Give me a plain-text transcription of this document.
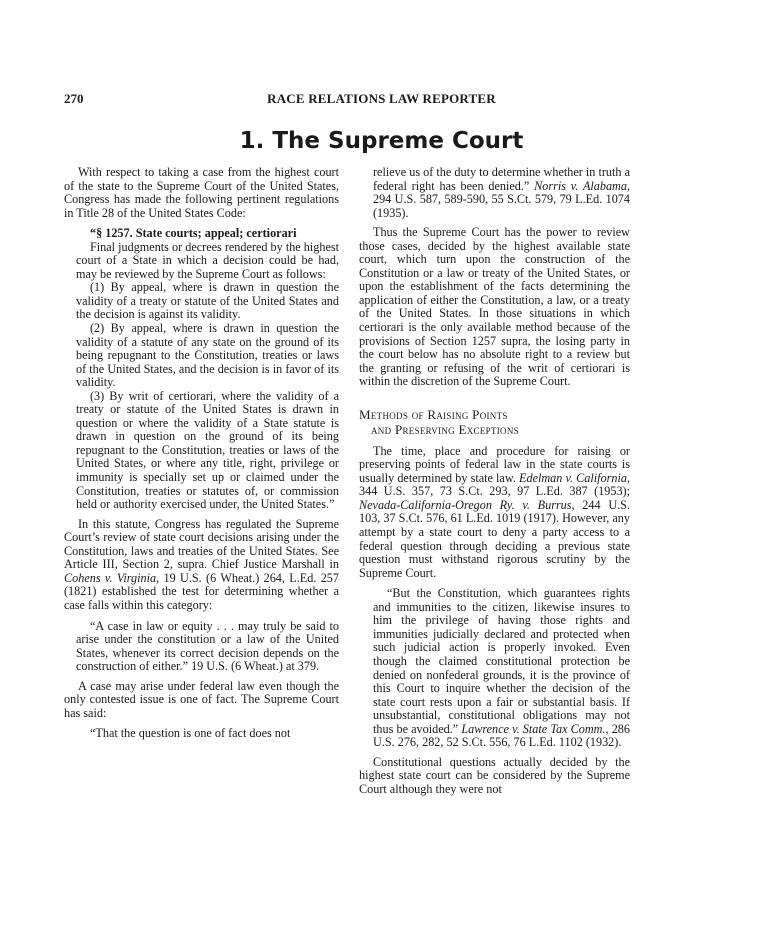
270	RACE RELATIONS LAW REPORTER
1. The Supreme Court

With respect to taking a case from the highest court of the state to the Supreme Court of the United States, Congress has made the following pertinent regulations in Title 28 of the United States Code:

“§ 1257. State courts; appeal; certiorari

Final judgments or decrees rendered by the highest court of a State in which a decision could be had, may be reviewed by the Supreme Court as follows:

(1) By appeal, where is drawn in question the validity of a treaty or statute of the United States and the decision is against its validity.

(2) By appeal, where is drawn in question the validity of a statute of any state on the ground of its being repugnant to the Constitution, treaties or laws of the United States, and the decision is in favor of its validity.

(3) By writ of certiorari, where the validity of a treaty or statute of the United States is drawn in question or where the validity of a State statute is drawn in question on the ground of its being repugnant to the Constitution, treaties or laws of the United States, or where any title, right, privilege or immunity is specially set up or claimed under the Constitution, treaties or statutes of, or commission held or authority exercised under, the United States.”

In this statute, Congress has regulated the Supreme Court’s review of state court decisions arising under the Constitution, laws and treaties of the United States. See Article III, Section 2, supra. Chief Justice Marshall in Cohens v. Virginia, 19 U.S. (6 Wheat.) 264, L.Ed. 257 (1821) established the test for determining whether a case falls within this category:

“A case in law or equity . . . may truly be said to arise under the constitution or a law of the United States, whenever its correct decision depends on the construction of either.” 19 U.S. (6 Wheat.) at 379.

A case may arise under federal law even though the only contested issue is one of fact. The Supreme Court has said:

“That the question is one of fact does not

relieve us of the duty to determine whether in truth a federal right has been denied.” Norris v. Alabama, 294 U.S. 587, 589-590, 55 S.Ct. 579, 79 L.Ed. 1074 (1935).

Thus the Supreme Court has the power to review those cases, decided by the highest available state court, which turn upon the construction of the Constitution or a law or treaty of the United States, or upon the establishment of the facts determining the application of either the Constitution, a law, or a treaty of the United States. In those situations in which certiorari is the only available method because of the provisions of Section 1257 supra, the losing party in the court below has no absolute right to a review but the granting or refusing of the writ of certiorari is within the discretion of the Supreme Court.

Methods of Raising Points
and Preserving Exceptions

The time, place and procedure for raising or preserving points of federal law in the state courts is usually determined by state law. Edelman v. California, 344 U.S. 357, 73 S.Ct. 293, 97 L.Ed. 387 (1953); Nevada-California-Oregon Ry. v. Burrus, 244 U.S. 103, 37 S.Ct. 576, 61 L.Ed. 1019 (1917). However, any attempt by a state court to deny a party access to a federal question through deciding a previous state question must withstand rigorous scrutiny by the Supreme Court.

“But the Constitution, which guarantees rights and immunities to the citizen, likewise insures to him the privilege of having those rights and immunities judicially declared and protected when such judicial action is properly invoked. Even though the claimed constitutional protection be denied on nonfederal grounds, it is the province of this Court to inquire whether the decision of the state court rests upon a fair or substantial basis. If unsubstantial, constitutional obligations may not thus be avoided.” Lawrence v. State Tax Comm., 286 U.S. 276, 282, 52 S.Ct. 556, 76 L.Ed. 1102 (1932).

Constitutional questions actually decided by the highest state court can be considered by the Supreme Court although they were not
